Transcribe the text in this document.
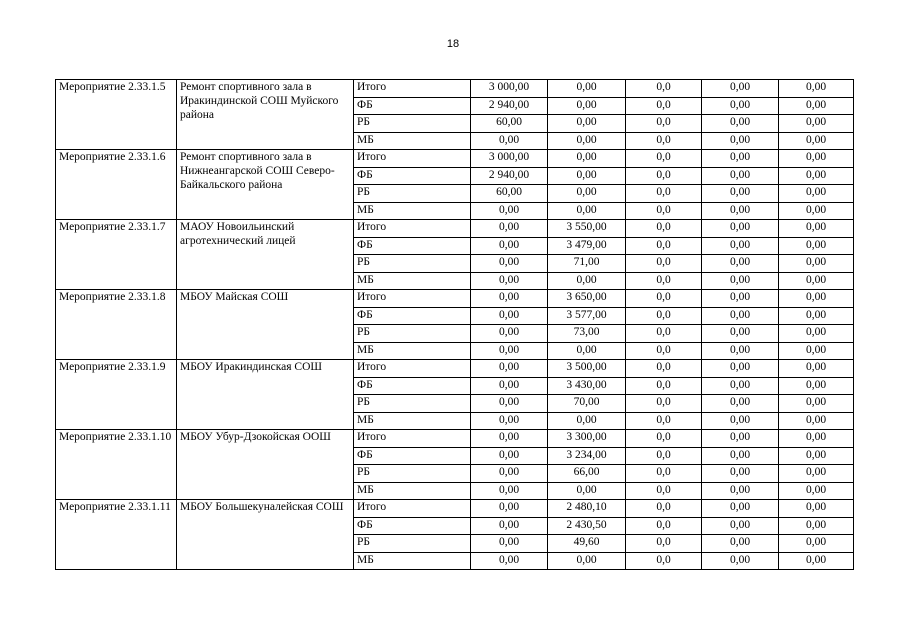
18
Мероприятие 2.33.1.5	Ремонт спортивного зала в Иракиндинской СОШ Муйского района	Итого	3 000,00	0,00	0,0	0,00	0,00
		ФБ	2 940,00	0,00	0,0	0,00	0,00
		РБ	60,00	0,00	0,0	0,00	0,00
		МБ	0,00	0,00	0,0	0,00	0,00
Мероприятие 2.33.1.6	Ремонт спортивного зала в Нижнеангарской СОШ Северо-Байкальского района	Итого	3 000,00	0,00	0,0	0,00	0,00
		ФБ	2 940,00	0,00	0,0	0,00	0,00
		РБ	60,00	0,00	0,0	0,00	0,00
		МБ	0,00	0,00	0,0	0,00	0,00
Мероприятие 2.33.1.7	МАОУ Новоильинский агротехнический лицей	Итого	0,00	3 550,00	0,0	0,00	0,00
		ФБ	0,00	3 479,00	0,0	0,00	0,00
		РБ	0,00	71,00	0,0	0,00	0,00
		МБ	0,00	0,00	0,0	0,00	0,00
Мероприятие 2.33.1.8	МБОУ Майская СОШ	Итого	0,00	3 650,00	0,0	0,00	0,00
		ФБ	0,00	3 577,00	0,0	0,00	0,00
		РБ	0,00	73,00	0,0	0,00	0,00
		МБ	0,00	0,00	0,0	0,00	0,00
Мероприятие 2.33.1.9	МБОУ Иракиндинская СОШ	Итого	0,00	3 500,00	0,0	0,00	0,00
		ФБ	0,00	3 430,00	0,0	0,00	0,00
		РБ	0,00	70,00	0,0	0,00	0,00
		МБ	0,00	0,00	0,0	0,00	0,00
Мероприятие 2.33.1.10	МБОУ Убур-Дзокойская ООШ	Итого	0,00	3 300,00	0,0	0,00	0,00
		ФБ	0,00	3 234,00	0,0	0,00	0,00
		РБ	0,00	66,00	0,0	0,00	0,00
		МБ	0,00	0,00	0,0	0,00	0,00
Мероприятие 2.33.1.11	МБОУ Большекуналейская СОШ	Итого	0,00	2 480,10	0,0	0,00	0,00
		ФБ	0,00	2 430,50	0,0	0,00	0,00
		РБ	0,00	49,60	0,0	0,00	0,00
		МБ	0,00	0,00	0,0	0,00	0,00
